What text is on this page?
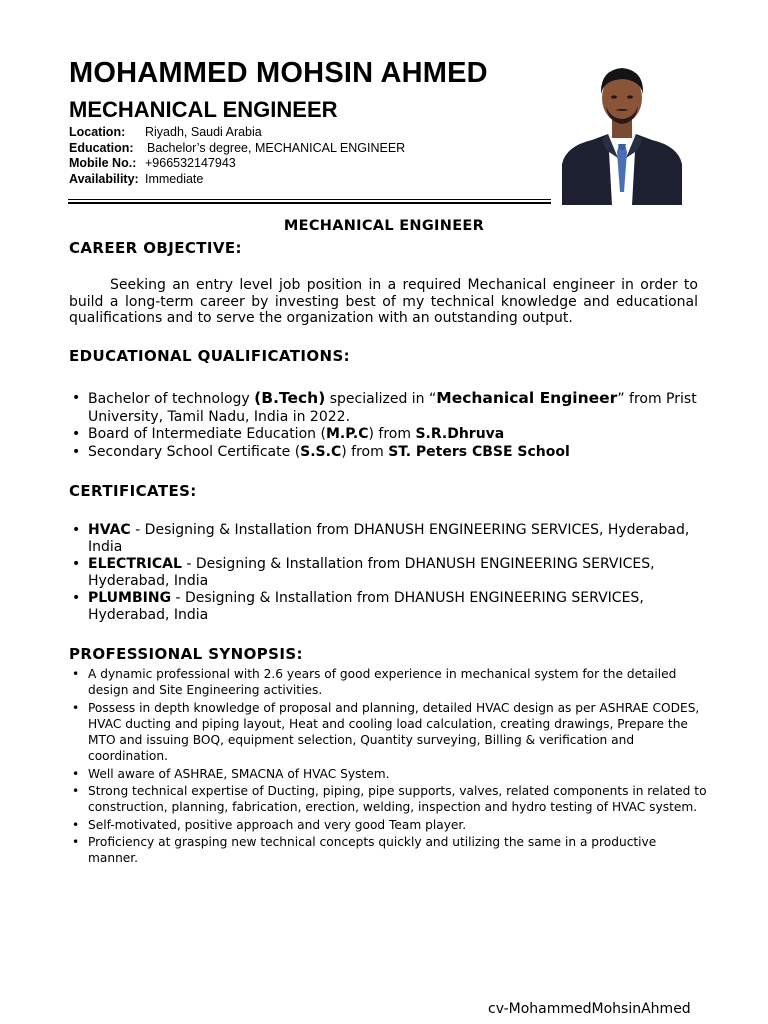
MOHAMMED MOHSIN AHMED
MECHANICAL ENGINEER
Location:	Riyadh, Saudi Arabia
Education:	Bachelor’s degree, MECHANICAL ENGINEER
Mobile No.: +966532147943
Availability: Immediate
MECHANICAL ENGINEER
CAREER OBJECTIVE:

Seeking an entry level job position in a required Mechanical engineer in order to build a long-term career by investing best of my technical knowledge and educational qualifications and to serve the organization with an outstanding output.

EDUCATIONAL QUALIFICATIONS:
• Bachelor of technology (B.Tech) specialized in “Mechanical Engineer” from Prist University, Tamil Nadu, India in 2022.
• Board of Intermediate Education (M.P.C) from S.R.Dhruva
• Secondary School Certificate (S.S.C) from ST. Peters CBSE School
CERTIFICATES:
• HVAC - Designing & Installation from DHANUSH ENGINEERING SERVICES, Hyderabad, India
• ELECTRICAL - Designing & Installation from DHANUSH ENGINEERING SERVICES, Hyderabad, India
• PLUMBING - Designing & Installation from DHANUSH ENGINEERING SERVICES, Hyderabad, India
PROFESSIONAL SYNOPSIS:
• A dynamic professional with 2.6 years of good experience in mechanical system for the detailed design and Site Engineering activities.
• Possess in depth knowledge of proposal and planning, detailed HVAC design as per ASHRAE CODES, HVAC ducting and piping layout, Heat and cooling load calculation, creating drawings, Prepare the MTO and issuing BOQ, equipment selection, Quantity surveying, Billing & verification and coordination.
• Well aware of ASHRAE, SMACNA of HVAC System.
• Strong technical expertise of Ducting, piping, pipe supports, valves, related components in related to construction, planning, fabrication, erection, welding, inspection and hydro testing of HVAC system.
• Self-motivated, positive approach and very good Team player.
• Proficiency at grasping new technical concepts quickly and utilizing the same in a productive manner.
cv-MohammedMohsinAhmed
